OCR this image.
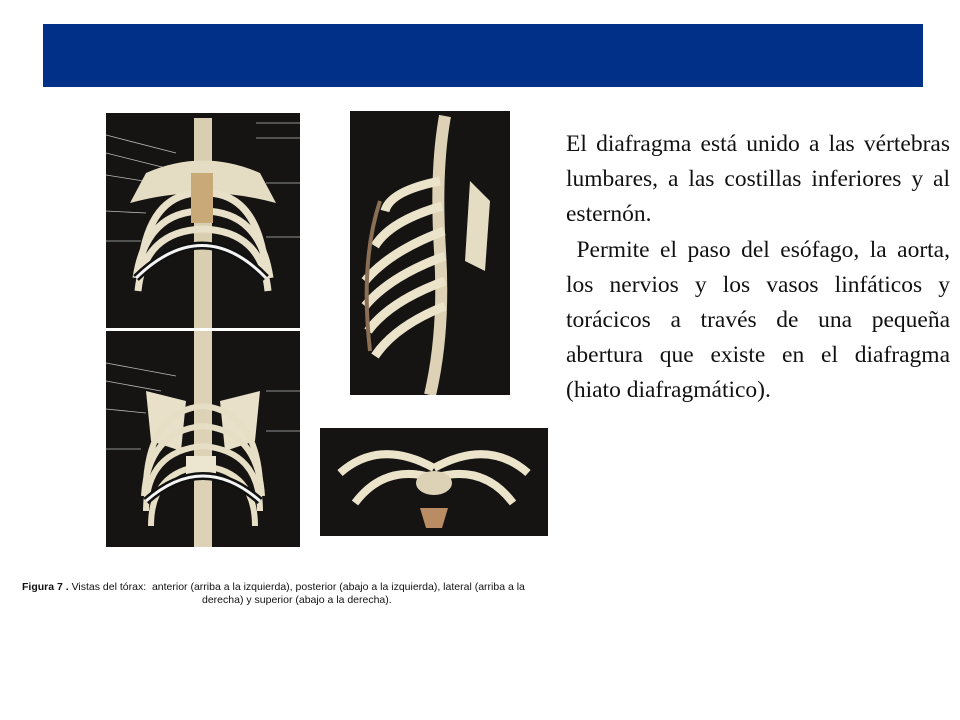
El diafragma está unido a las vértebras lumbares, a las costillas inferiores y al esternón.

Permite el paso del esófago, la aorta, los nervios y los vasos linfáticos y torácicos a través de una pequeña abertura que existe en el diafragma (hiato diafragmático).

Figura 7 . Vistas del tórax:  anterior (arriba a la izquierda), posterior (abajo a la izquierda), lateral (arriba a la
derecha) y superior (abajo a la derecha).
